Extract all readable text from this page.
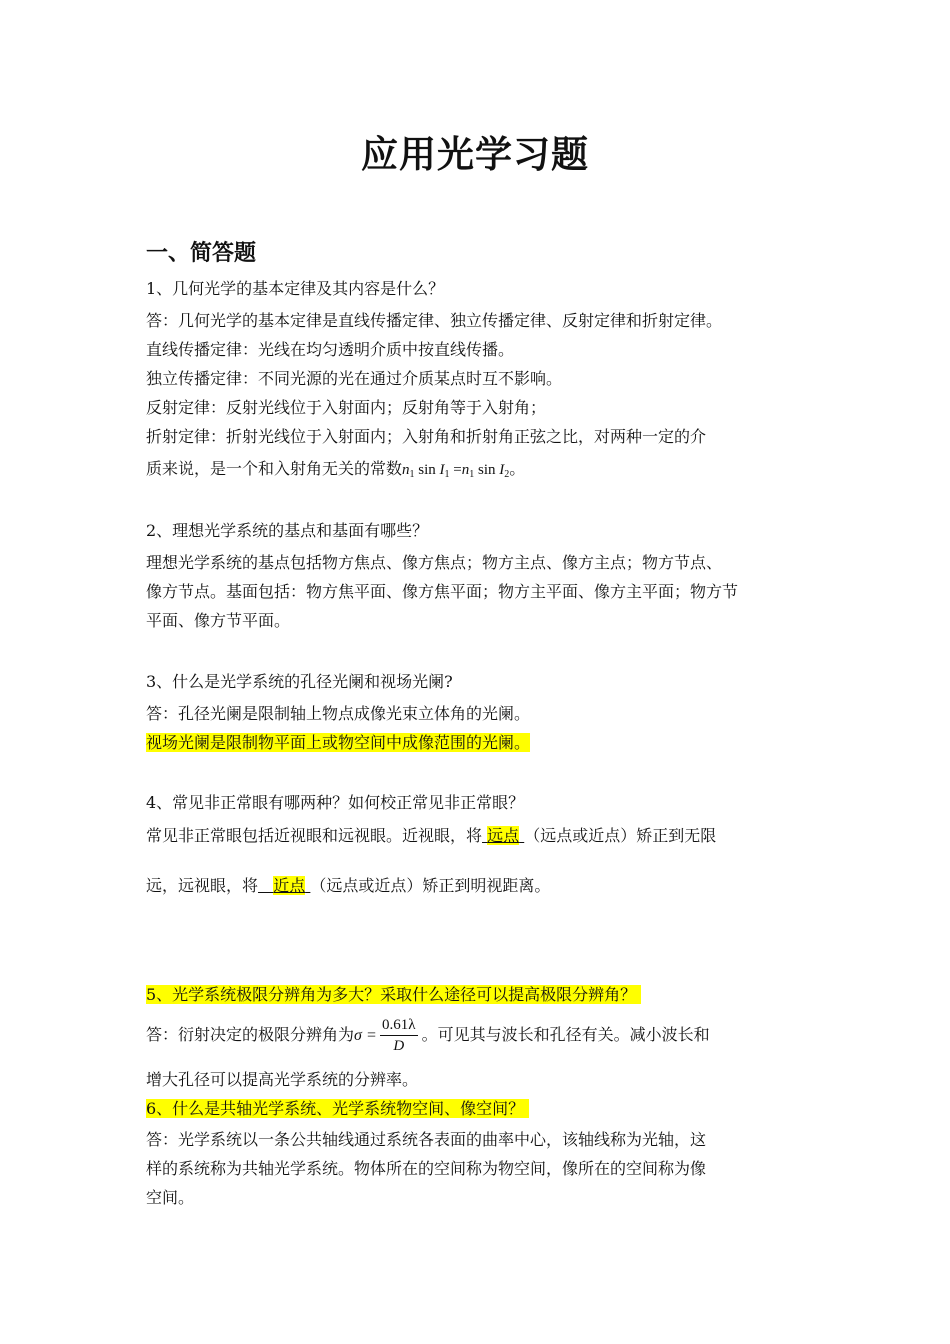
应用光学习题
一、简答题
1、几何光学的基本定律及其内容是什么？
答：几何光学的基本定律是直线传播定律、独立传播定律、反射定律和折射定律。
直线传播定律：光线在均匀透明介质中按直线传播。
独立传播定律：不同光源的光在通过介质某点时互不影响。
反射定律：反射光线位于入射面内；反射角等于入射角；
折射定律：折射光线位于入射面内；入射角和折射角正弦之比，对两种一定的介
质来说，是一个和入射角无关的常数$n_1$ $\sin I_1 =n_1$ $\sin I_2$。
2、理想光学系统的基点和基面有哪些？
理想光学系统的基点包括物方焦点、像方焦点；物方主点、像方主点；物方节点、
像方节点。基面包括：物方焦平面、像方焦平面；物方主平面、像方主平面；物方节
平面、像方节平面。
3、什么是光学系统的孔径光阑和视场光阑?
答：孔径光阑是限制轴上物点成像光束立体角的光阑。
视场光阑是限制物平面上或物空间中成像范围的光阑。
4、常见非正常眼有哪两种？如何校正常见非正常眼？
常见非正常眼包括近视眼和远视眼。近视眼，将 远点 （远点或近点）矫正到无限
远，远视眼，将 近点 （远点或近点）矫正到明视距离。
5、光学系统极限分辨角为多大？采取什么途径可以提高极限分辨角？
答：衍射决定的极限分辨角为$\sigma = \frac{0.61\lambda}{D}$ 。可见其与波长和孔径有关。减小波长和
增大孔径可以提高光学系统的分辨率。
6、什么是共轴光学系统、光学系统物空间、像空间？
答：光学系统以一条公共轴线通过系统各表面的曲率中心，该轴线称为光轴，这
样的系统称为共轴光学系统。物体所在的空间称为物空间，像所在的空间称为像
空间。
